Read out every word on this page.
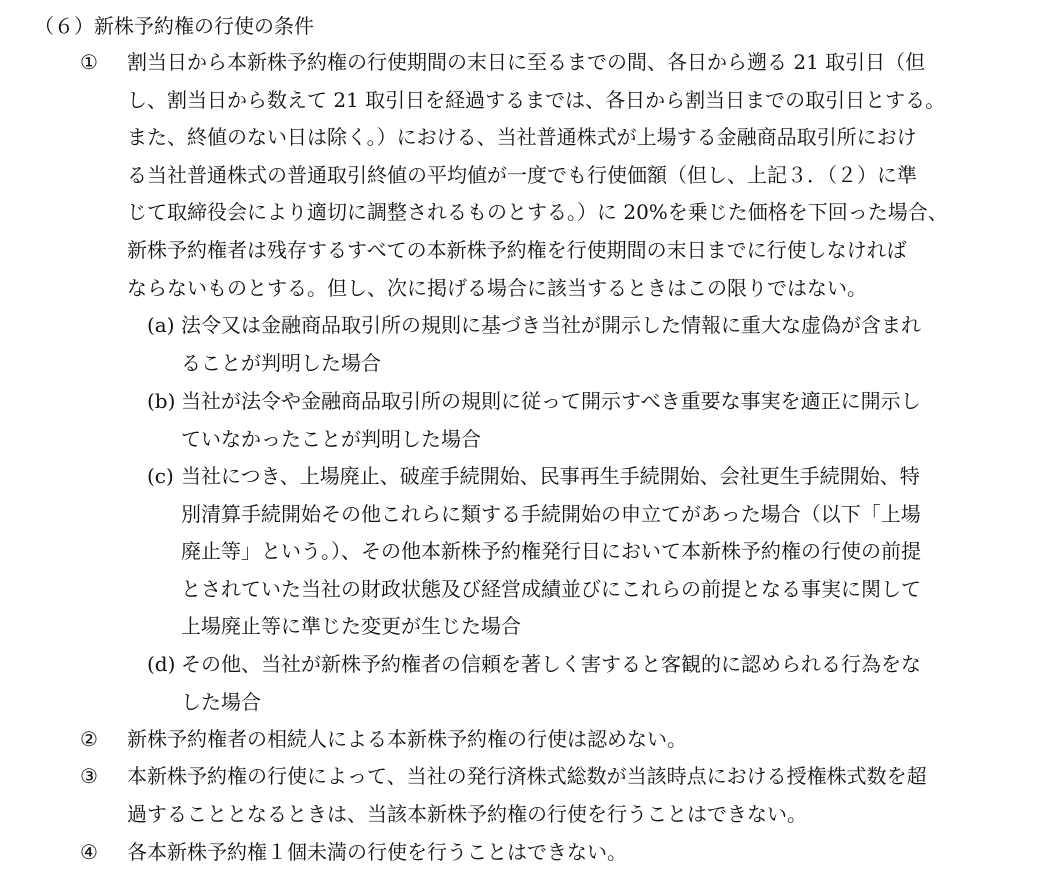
（６）新株予約権の行使の条件
①	割当日から本新株予約権の行使期間の末日に至るまでの間、各日から遡る 21 取引日（但
し、割当日から数えて 21 取引日を経過するまでは、各日から割当日までの取引日とする。
また、終値のない日は除く。）における、当社普通株式が上場する金融商品取引所におけ
る当社普通株式の普通取引終値の平均値が一度でも行使価額（但し、上記３．（２）に準
じて取締役会により適切に調整されるものとする。）に 20%を乗じた価格を下回った場合、
新株予約権者は残存するすべての本新株予約権を行使期間の末日までに行使しなければ
ならないものとする。但し、次に掲げる場合に該当するときはこの限りではない。
(a) 法令又は金融商品取引所の規則に基づき当社が開示した情報に重大な虚偽が含まれ
ることが判明した場合
(b) 当社が法令や金融商品取引所の規則に従って開示すべき重要な事実を適正に開示し
ていなかったことが判明した場合
(c) 当社につき、上場廃止、破産手続開始、民事再生手続開始、会社更生手続開始、特
別清算手続開始その他これらに類する手続開始の申立てがあった場合（以下「上場
廃止等」という。）、その他本新株予約権発行日において本新株予約権の行使の前提
とされていた当社の財政状態及び経営成績並びにこれらの前提となる事実に関して
上場廃止等に準じた変更が生じた場合
(d) その他、当社が新株予約権者の信頼を著しく害すると客観的に認められる行為をな
した場合
②	新株予約権者の相続人による本新株予約権の行使は認めない。
③	本新株予約権の行使によって、当社の発行済株式総数が当該時点における授権株式数を超
過することとなるときは、当該本新株予約権の行使を行うことはできない。
④	各本新株予約権１個未満の行使を行うことはできない。
